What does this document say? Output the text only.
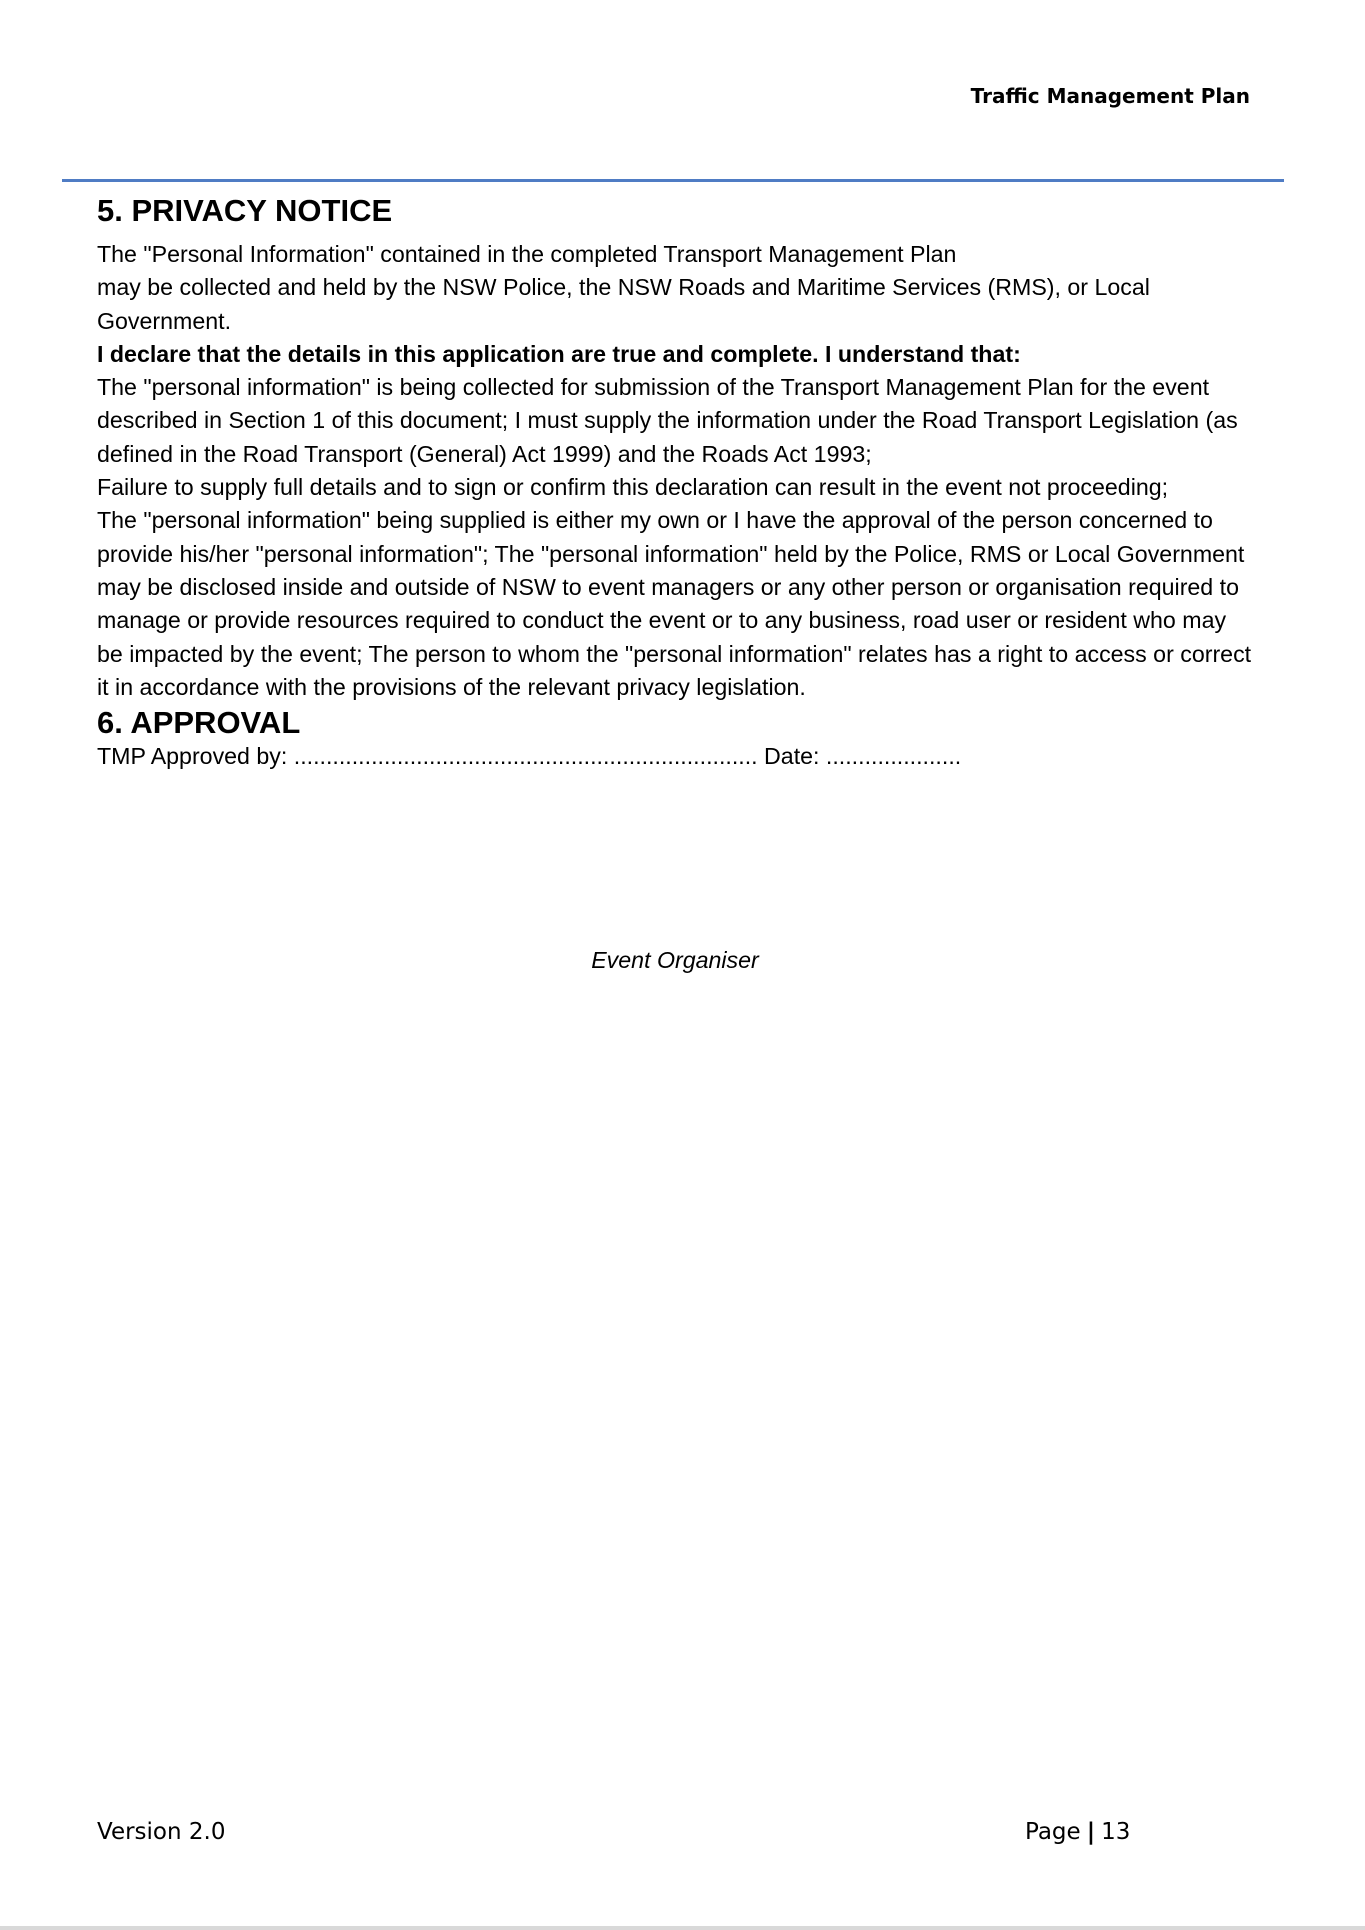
Traffic Management Plan
5. PRIVACY NOTICE

The "Personal Information" contained in the completed Transport Management Plan
may be collected and held by the NSW Police, the NSW Roads and Maritime Services (RMS), or Local Government.

I declare that the details in this application are true and complete. I understand that:

The "personal information" is being collected for submission of the Transport Management Plan for the event described in Section 1 of this document; I must supply the information under the Road Transport Legislation (as defined in the Road Transport (General) Act 1999) and the Roads Act 1993;

Failure to supply full details and to sign or confirm this declaration can result in the event not proceeding;

The "personal information" being supplied is either my own or I have the approval of the person concerned to provide his/her "personal information"; The "personal information" held by the Police, RMS or Local Government may be disclosed inside and outside of NSW to event managers or any other person or organisation required to manage or provide resources required to conduct the event or to any business, road user or resident who may be impacted by the event; The person to whom the "personal information" relates has a right to access or correct it in accordance with the provisions of the relevant privacy legislation.

6. APPROVAL

TMP Approved by: ........................................................................ Date: .....................

Event Organiser
Version 2.0	Page | 13
